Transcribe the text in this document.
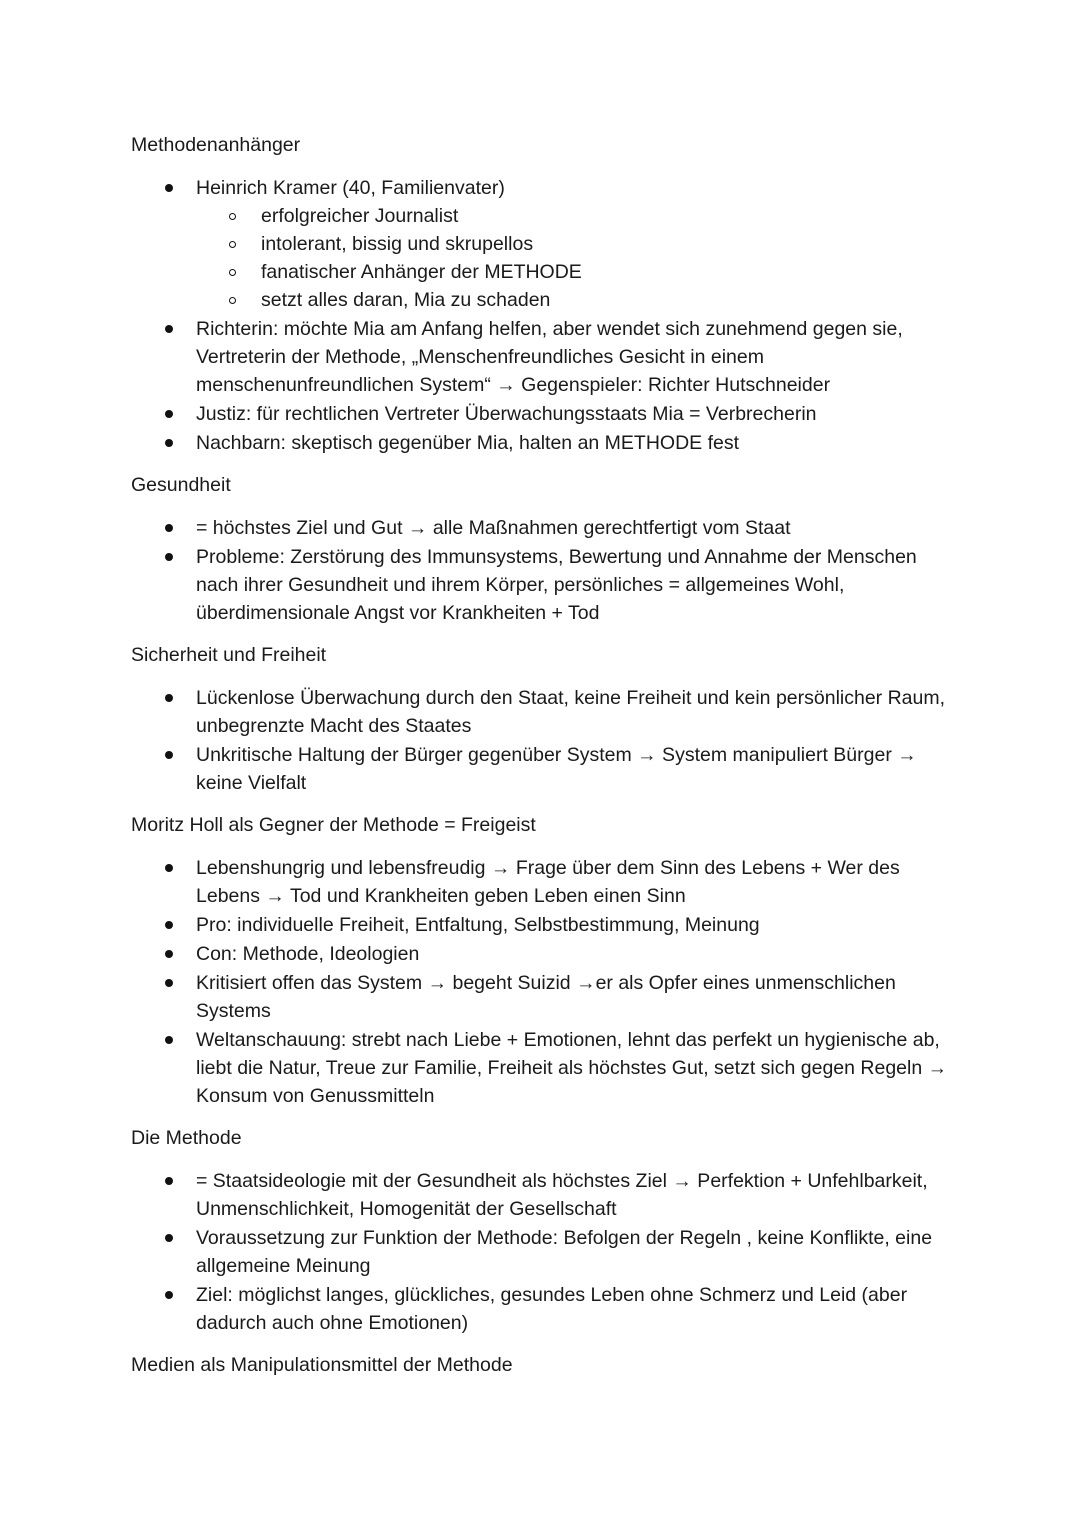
Methodenanhänger
Heinrich Kramer (40, Familienvater)
erfolgreicher Journalist
intolerant, bissig und skrupellos
fanatischer Anhänger der METHODE
setzt alles daran, Mia zu schaden
Richterin: möchte Mia am Anfang helfen, aber wendet sich zunehmend gegen sie, Vertreterin der Methode, „Menschenfreundliches Gesicht in einem menschenunfreundlichen System“ → Gegenspieler: Richter Hutschneider
Justiz: für rechtlichen Vertreter Überwachungsstaats Mia = Verbrecherin
Nachbarn: skeptisch gegenüber Mia, halten an METHODE fest
Gesundheit
= höchstes Ziel und Gut → alle Maßnahmen gerechtfertigt vom Staat
Probleme: Zerstörung des Immunsystems, Bewertung und Annahme der Menschen nach ihrer Gesundheit und ihrem Körper, persönliches = allgemeines Wohl, überdimensionale Angst vor Krankheiten + Tod
Sicherheit und Freiheit
Lückenlose Überwachung durch den Staat, keine Freiheit und kein persönlicher Raum, unbegrenzte Macht des Staates
Unkritische Haltung der Bürger gegenüber System → System manipuliert Bürger → keine Vielfalt
Moritz Holl als Gegner der Methode = Freigeist
Lebenshungrig und lebensfreudig → Frage über dem Sinn des Lebens + Wer des Lebens → Tod und Krankheiten geben Leben einen Sinn
Pro: individuelle Freiheit, Entfaltung, Selbstbestimmung, Meinung
Con: Methode, Ideologien
Kritisiert offen das System → begeht Suizid →er als Opfer eines unmenschlichen Systems
Weltanschauung: strebt nach Liebe + Emotionen, lehnt das perfekt un hygienische ab, liebt die Natur, Treue zur Familie, Freiheit als höchstes Gut, setzt sich gegen Regeln → Konsum von Genussmitteln
Die Methode
= Staatsideologie mit der Gesundheit als höchstes Ziel → Perfektion + Unfehlbarkeit, Unmenschlichkeit, Homogenität der Gesellschaft
Voraussetzung zur Funktion der Methode: Befolgen der Regeln , keine Konflikte, eine allgemeine Meinung
Ziel: möglichst langes, glückliches, gesundes Leben ohne Schmerz und Leid (aber dadurch auch ohne Emotionen)
Medien als Manipulationsmittel der Methode
